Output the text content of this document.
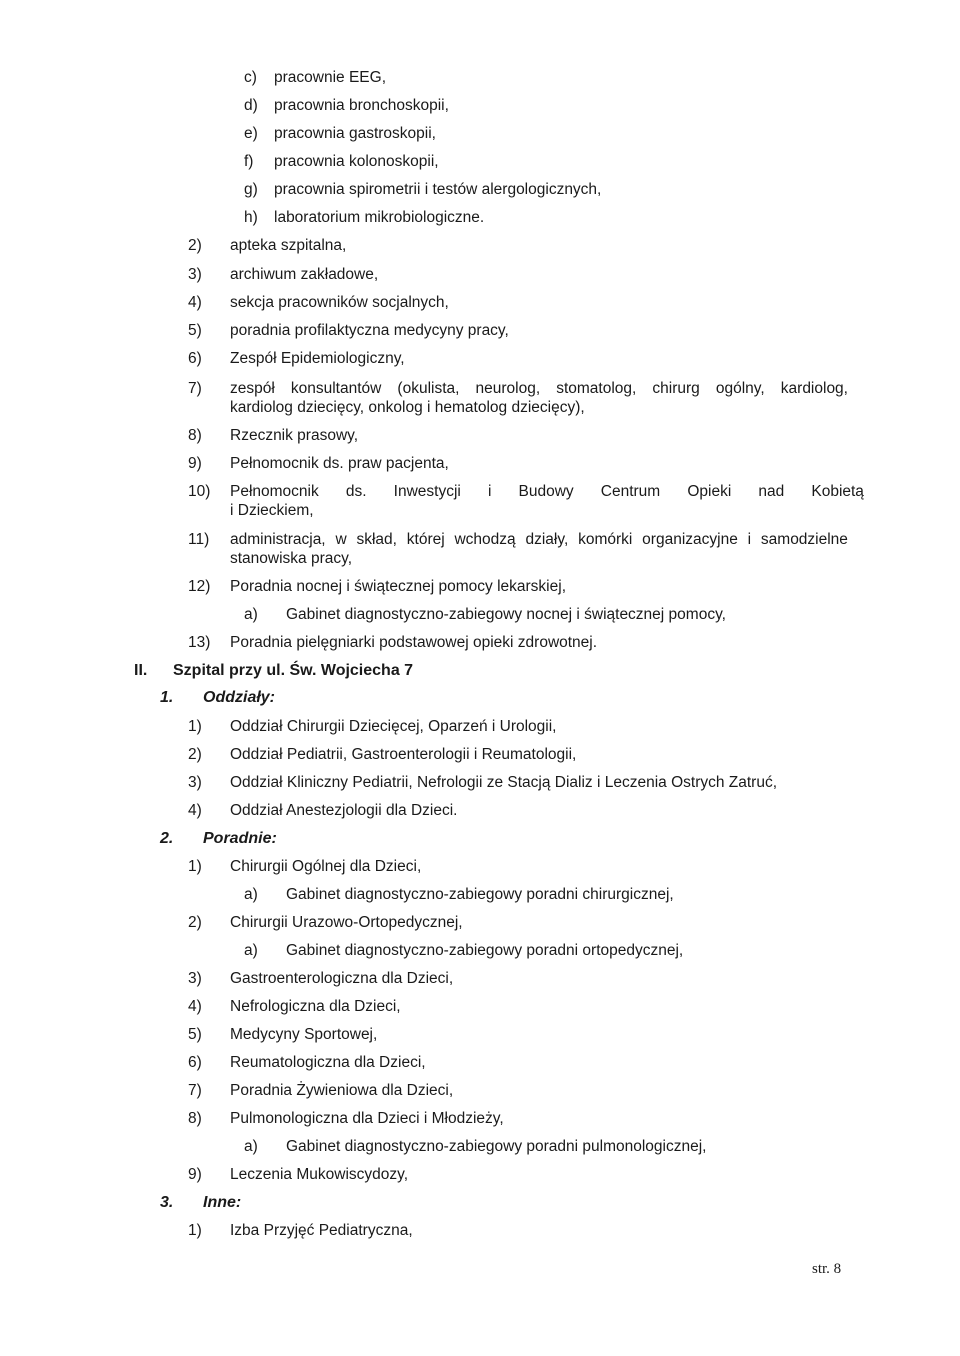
c) pracownie EEG,
d) pracownia bronchoskopii,
e) pracownia gastroskopii,
f) pracownia kolonoskopii,
g) pracownia spirometrii i testów alergologicznych,
h) laboratorium mikrobiologiczne.
2) apteka szpitalna,
3) archiwum zakładowe,
4) sekcja pracowników socjalnych,
5) poradnia profilaktyczna medycyny pracy,
6) Zespół Epidemiologiczny,
7) zespół konsultantów (okulista, neurolog, stomatolog, chirurg ogólny, kardiolog,
kardiolog dziecięcy, onkolog i hematolog dziecięcy),
8) Rzecznik prasowy,
9) Pełnomocnik ds. praw pacjenta,
10) Pełnomocnik ds. Inwestycji i Budowy Centrum Opieki nad Kobietą
i Dzieckiem,
11) administracja, w skład, której wchodzą działy, komórki organizacyjne i samodzielne
stanowiska pracy,
12) Poradnia nocnej i świątecznej pomocy lekarskiej,
a) Gabinet diagnostyczno-zabiegowy nocnej i świątecznej pomocy,
13) Poradnia pielęgniarki podstawowej opieki zdrowotnej.
II. Szpital przy ul. Św. Wojciecha 7
1. Oddziały:
1) Oddział Chirurgii Dziecięcej, Oparzeń i Urologii,
2) Oddział Pediatrii, Gastroenterologii i Reumatologii,
3) Oddział Kliniczny Pediatrii, Nefrologii ze Stacją Dializ i Leczenia Ostrych Zatruć,
4) Oddział Anestezjologii dla Dzieci.
2. Poradnie:
1) Chirurgii Ogólnej dla Dzieci,
a) Gabinet diagnostyczno-zabiegowy poradni chirurgicznej,
2) Chirurgii Urazowo-Ortopedycznej,
a) Gabinet diagnostyczno-zabiegowy poradni ortopedycznej,
3) Gastroenterologiczna dla Dzieci,
4) Nefrologiczna dla Dzieci,
5) Medycyny Sportowej,
6) Reumatologiczna dla Dzieci,
7) Poradnia Żywieniowa dla Dzieci,
8) Pulmonologiczna dla Dzieci i Młodzieży,
a) Gabinet diagnostyczno-zabiegowy poradni pulmonologicznej,
9) Leczenia Mukowiscydozy,
3. Inne:
1) Izba Przyjęć Pediatryczna,
str. 8
